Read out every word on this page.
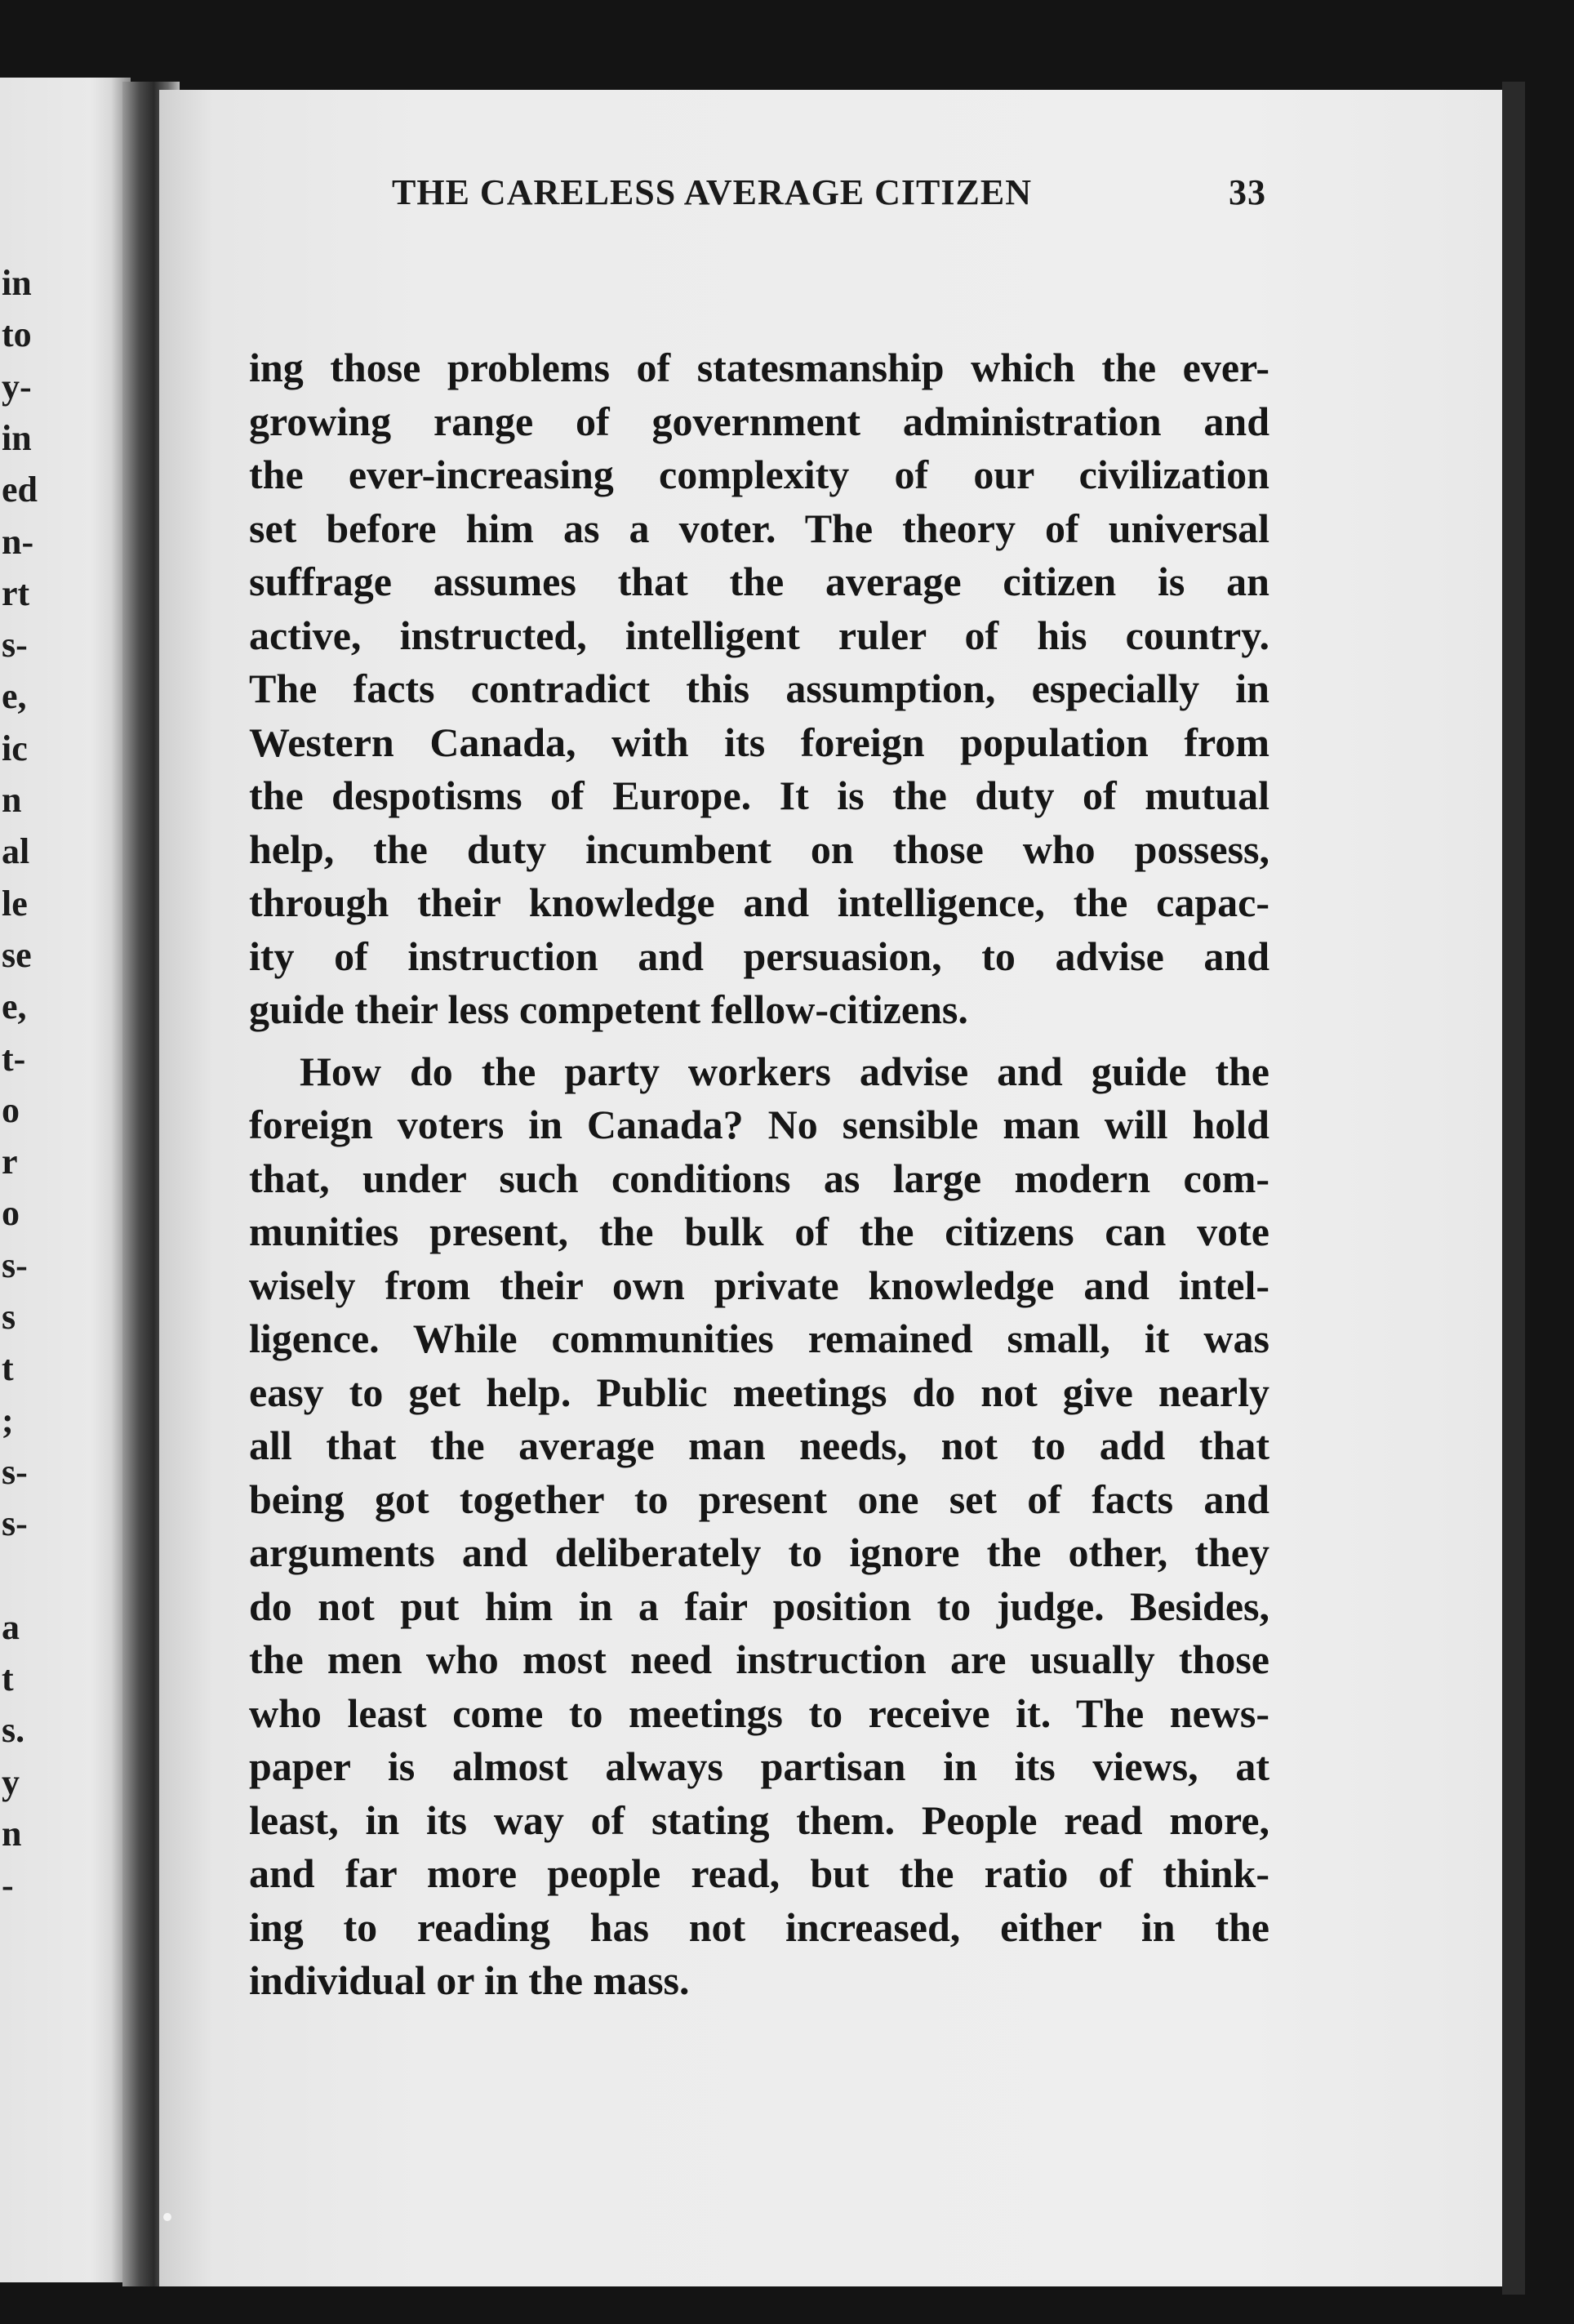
in
to
y-
in
ed
n-
rt
s-
e,
ic
n
al
le
se
e,
t-
o
r
o
s-
s
t
;
s-
s-
a
t
s.
y
n
-
THE CARELESS AVERAGE CITIZEN	33
ing those problems of statesmanship which the ever-
growing range of government administration and
the ever-increasing complexity of our civilization
set before him as a voter. The theory of universal
suffrage assumes that the average citizen is an
active, instructed, intelligent ruler of his country.
The facts contradict this assumption, especially in
Western Canada, with its foreign population from
the despotisms of Europe. It is the duty of mutual
help, the duty incumbent on those who possess,
through their knowledge and intelligence, the capac-
ity of instruction and persuasion, to advise and
guide their less competent fellow-citizens.
How do the party workers advise and guide the
foreign voters in Canada? No sensible man will hold
that, under such conditions as large modern com-
munities present, the bulk of the citizens can vote
wisely from their own private knowledge and intel-
ligence. While communities remained small, it was
easy to get help. Public meetings do not give nearly
all that the average man needs, not to add that
being got together to present one set of facts and
arguments and deliberately to ignore the other, they
do not put him in a fair position to judge. Besides,
the men who most need instruction are usually those
who least come to meetings to receive it. The news-
paper is almost always partisan in its views, at
least, in its way of stating them. People read more,
and far more people read, but the ratio of think-
ing to reading has not increased, either in the
individual or in the mass.
